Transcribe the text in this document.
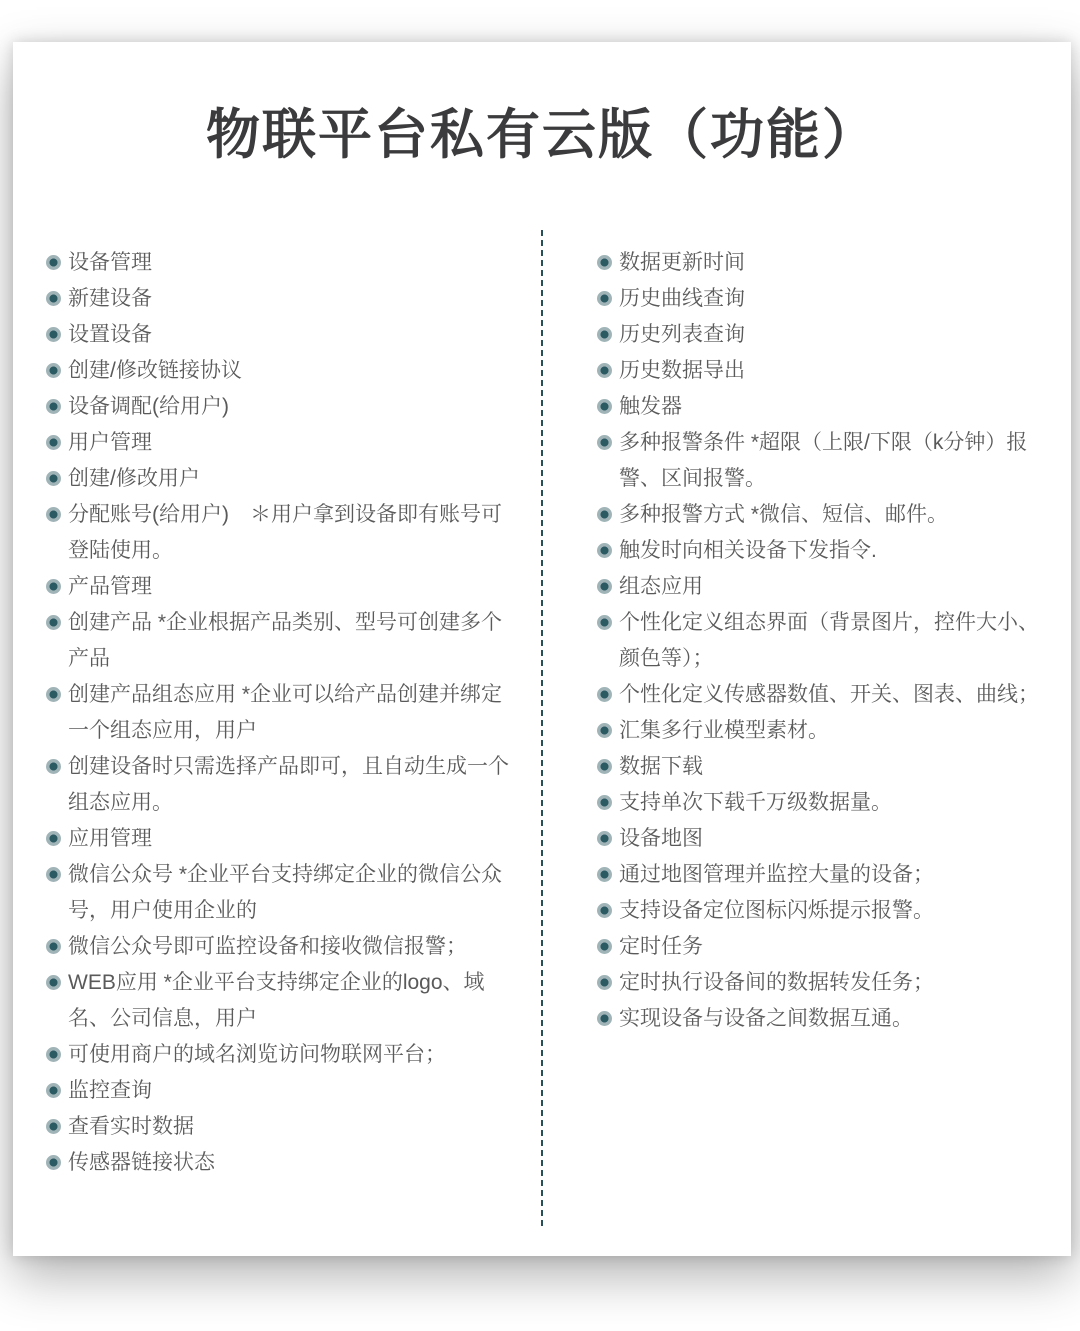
物联平台私有云版（功能）
设备管理
新建设备
设置设备
创建/修改链接协议
设备调配(给用户)
用户管理
创建/修改用户
分配账号(给用户)　＊用户拿到设备即有账号可登陆使用。
产品管理
创建产品 *企业根据产品类别、型号可创建多个产品
创建产品组态应用 *企业可以给产品创建并绑定一个组态应用，用户
创建设备时只需选择产品即可，且自动生成一个组态应用。
应用管理
微信公众号 *企业平台支持绑定企业的微信公众号，用户使用企业的
微信公众号即可监控设备和接收微信报警；
WEB应用 *企业平台支持绑定企业的logo、域名、公司信息，用户
可使用商户的域名浏览访问物联网平台；
监控查询
查看实时数据
传感器链接状态
数据更新时间
历史曲线查询
历史列表查询
历史数据导出
触发器
多种报警条件 *超限（上限/下限（k分钟）报警、区间报警。
多种报警方式 *微信、短信、邮件。
触发时向相关设备下发指令.
组态应用
个性化定义组态界面（背景图片，控件大小、颜色等）；
个性化定义传感器数值、开关、图表、曲线；
汇集多行业模型素材。
数据下载
支持单次下载千万级数据量。
设备地图
通过地图管理并监控大量的设备；
支持设备定位图标闪烁提示报警。
定时任务
定时执行设备间的数据转发任务；
实现设备与设备之间数据互通。
